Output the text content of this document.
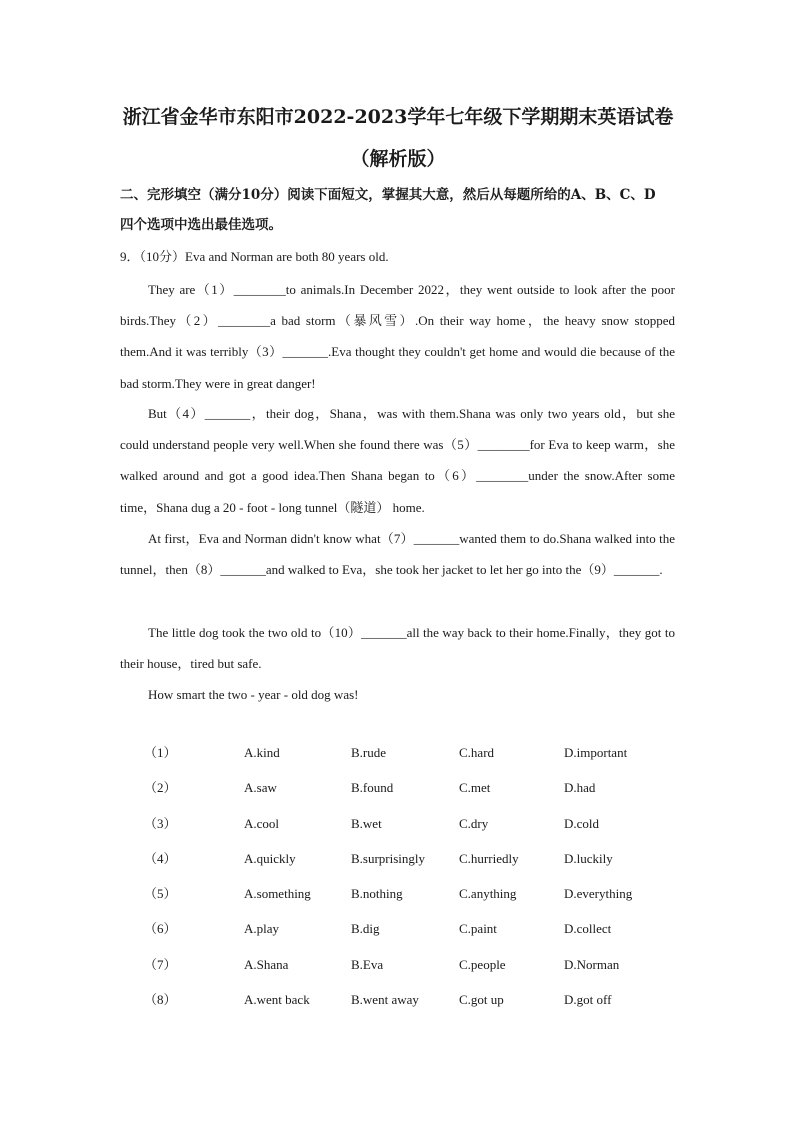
浙江省金华市东阳市2022-2023学年七年级下学期期末英语试卷
（解析版）
二、完形填空（满分10分）阅读下面短文，掌握其大意，然后从每题所给的A、B、C、D
四个选项中选出最佳选项。
9．（10分）Eva and Norman are both 80 years old.
They are（1）________to animals.In December 2022，they went outside to look after the poor birds.They（2）________a bad storm（暴风雪）.On their way home，the heavy snow stopped them.And it was terribly（3）_______.Eva thought they couldn't get home and would die because of the bad storm.They were in great danger!
But（4）_______，their dog，Shana，was with them.Shana was only two years old，but she could understand people very well.When she found there was（5）________for Eva to keep warm，she walked around and got a good idea.Then Shana began to（6）________under the snow.After some time，Shana dug a 20 - foot - long tunnel（隧道） home.
At first，Eva and Norman didn't know what（7）_______wanted them to do.Shana walked into the tunnel，then（8）_______and walked to Eva，she took her jacket to let her go into the（9）_______.
The little dog took the two old to（10）_______all the way back to their home.Finally，they got to their house，tired but safe.
How smart the two - year - old dog was!
（1）	A.kind	B.rude	C.hard	D.important
（2）	A.saw	B.found	C.met	D.had
（3）	A.cool	B.wet	C.dry	D.cold
（4）	A.quickly	B.surprisingly	C.hurriedly	D.luckily
（5）	A.something	B.nothing	C.anything	D.everything
（6）	A.play	B.dig	C.paint	D.collect
（7）	A.Shana	B.Eva	C.people	D.Norman
（8）	A.went back	B.went away	C.got up	D.got off
